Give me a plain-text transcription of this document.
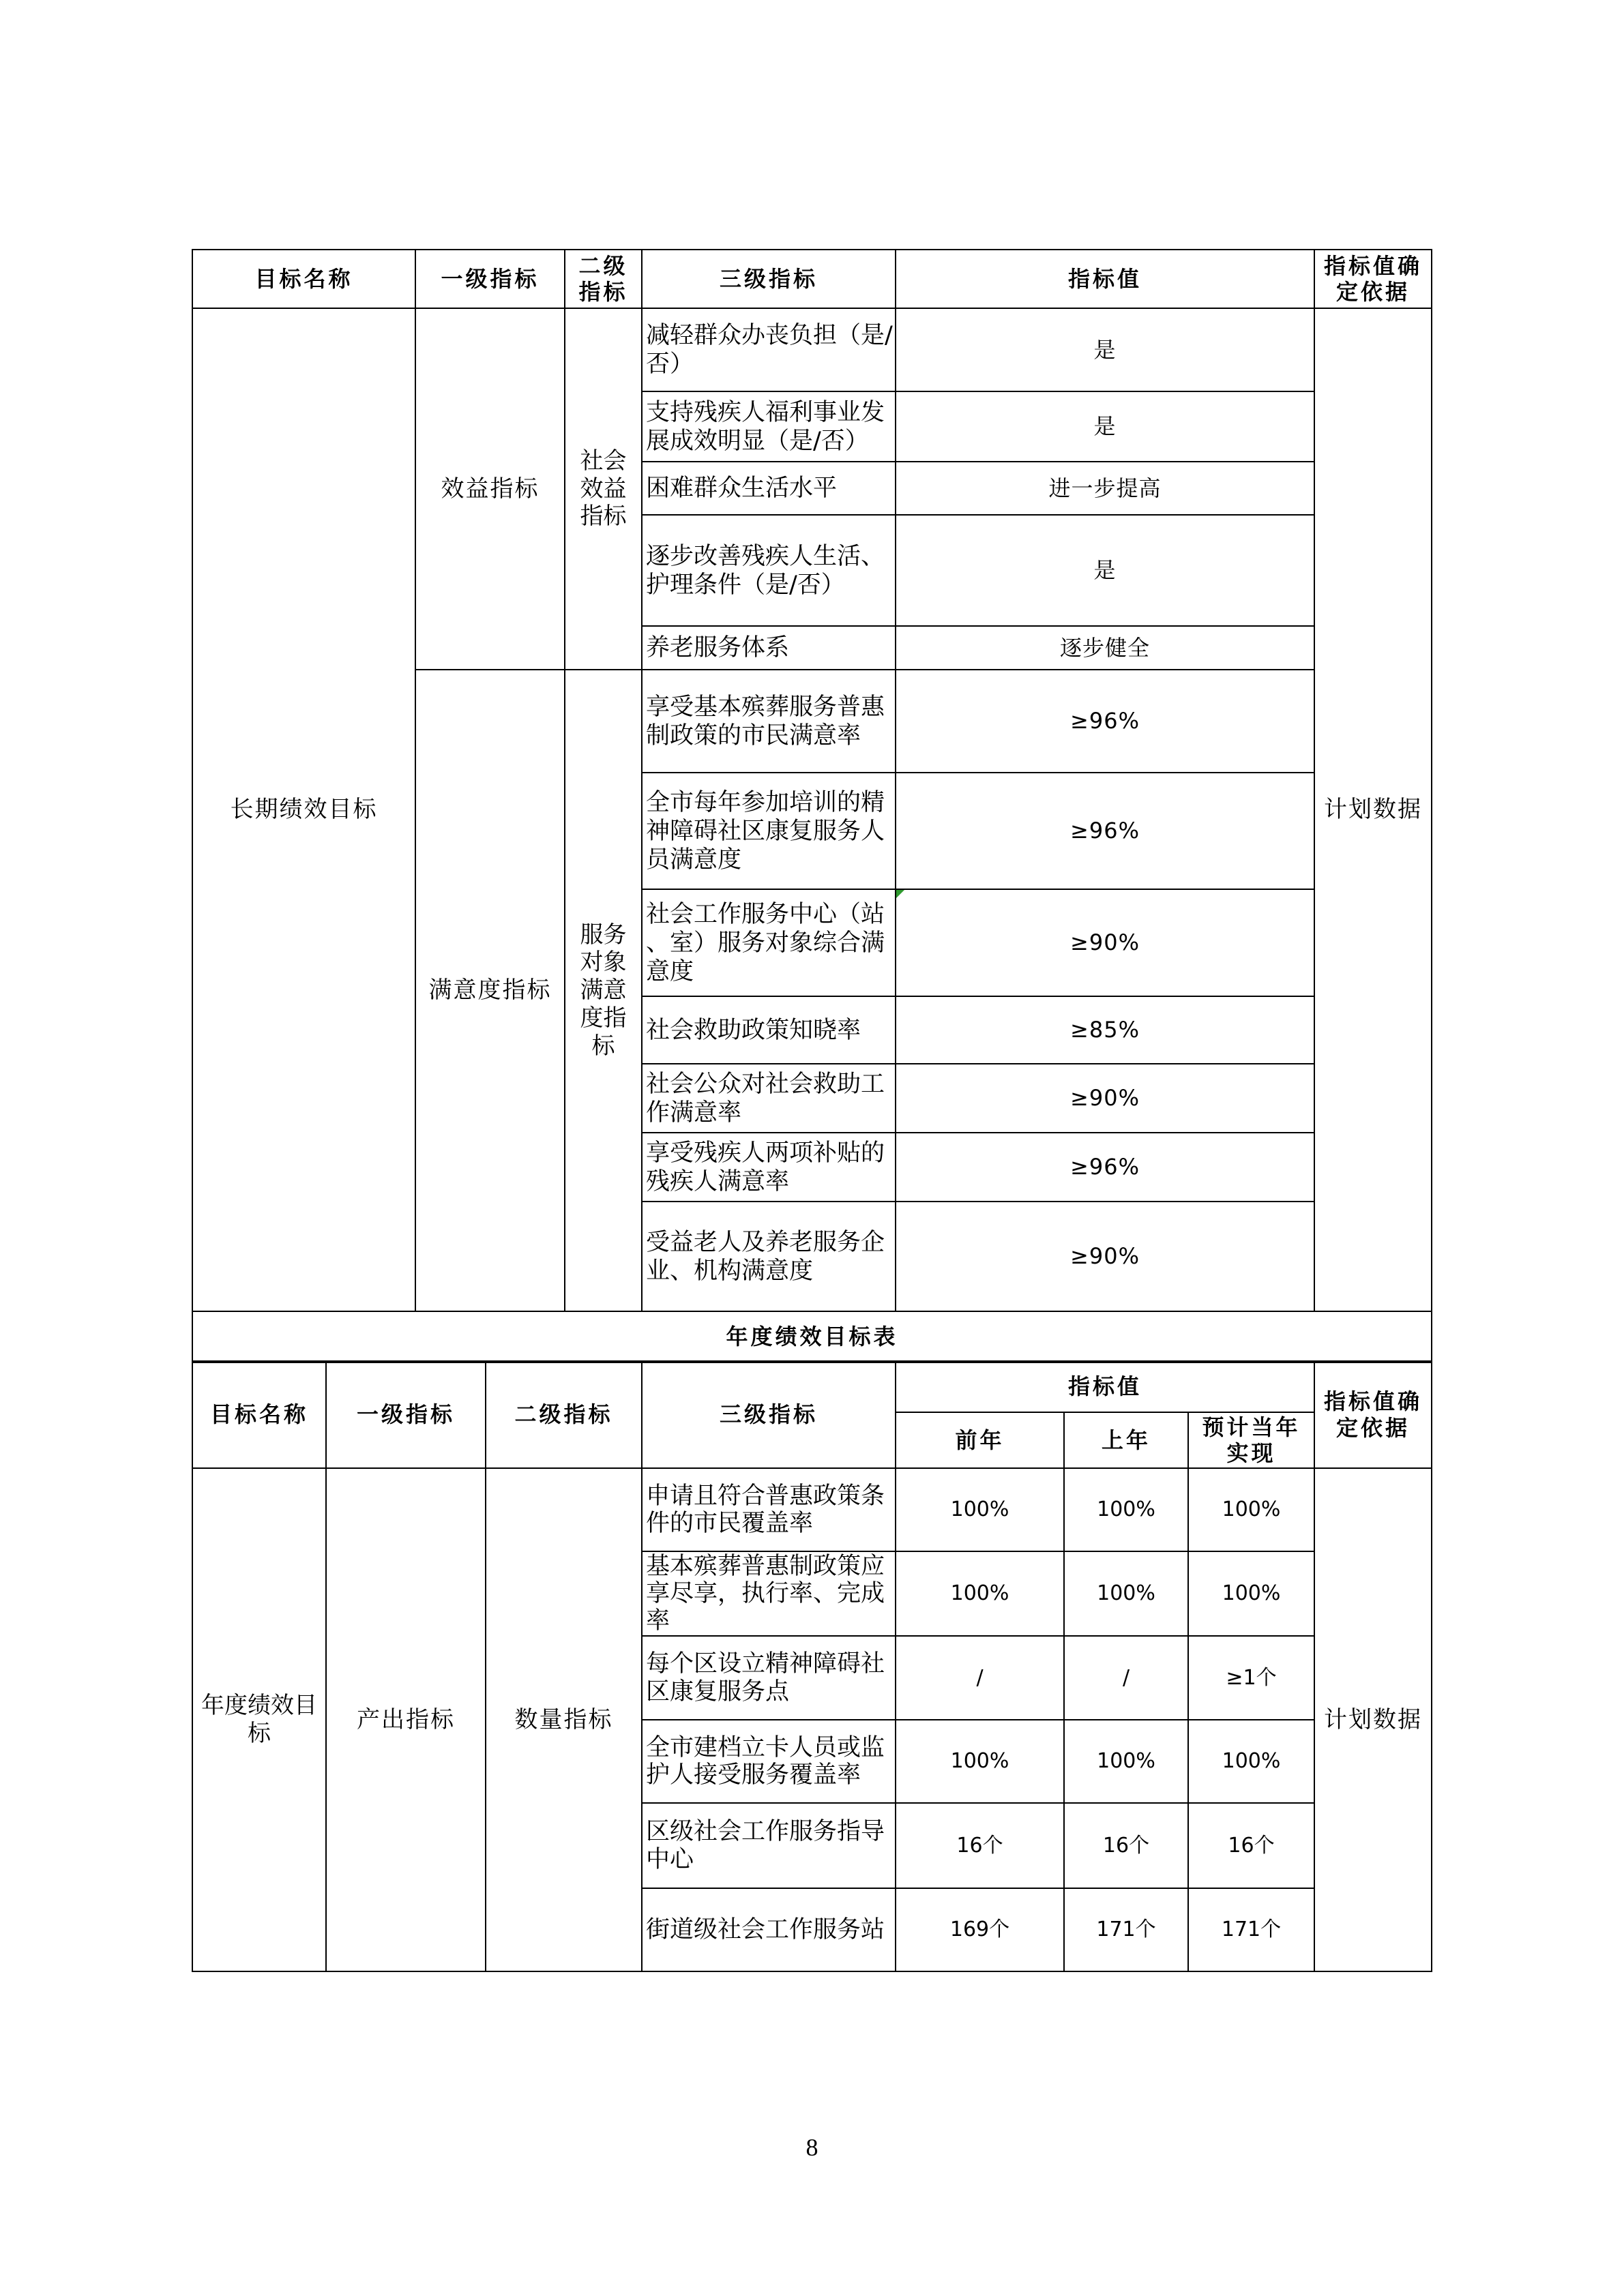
目标名称	一级指标	二级指标	三级指标	指标值	指标值确定依据
长期绩效目标	效益指标	社会效益指标	减轻群众办丧负担（是/否）	是	计划数据
			支持残疾人福利事业发展成效明显（是/否）	是	
			困难群众生活水平	进一步提高	
			逐步改善残疾人生活、护理条件（是/否）	是	
			养老服务体系	逐步健全	
	满意度指标	服务对象满意度指标	享受基本殡葬服务普惠制政策的市民满意率	≥96%	
			全市每年参加培训的精神障碍社区康复服务人员满意度	≥96%	
			社会工作服务中心（站、室）服务对象综合满意度	≥90%	
			社会救助政策知晓率	≥85%	
			社会公众对社会救助工作满意率	≥90%	
			享受残疾人两项补贴的残疾人满意率	≥96%	
			受益老人及养老服务企业、机构满意度	≥90%	
年度绩效目标表					
目标名称	一级指标	二级指标	三级指标	指标值			指标值确定依据
				前年	上年	预计当年实现	
年度绩效目标	产出指标	数量指标	申请且符合普惠政策条件的市民覆盖率	100%	100%	100%	计划数据
			基本殡葬普惠制政策应享尽享，执行率、完成率	100%	100%	100%	
			每个区设立精神障碍社区康复服务点	/	/	≥1个	
			全市建档立卡人员或监护人接受服务覆盖率	100%	100%	100%	
			区级社会工作服务指导中心	16个	16个	16个	
			街道级社会工作服务站	169个	171个	171个	
8
